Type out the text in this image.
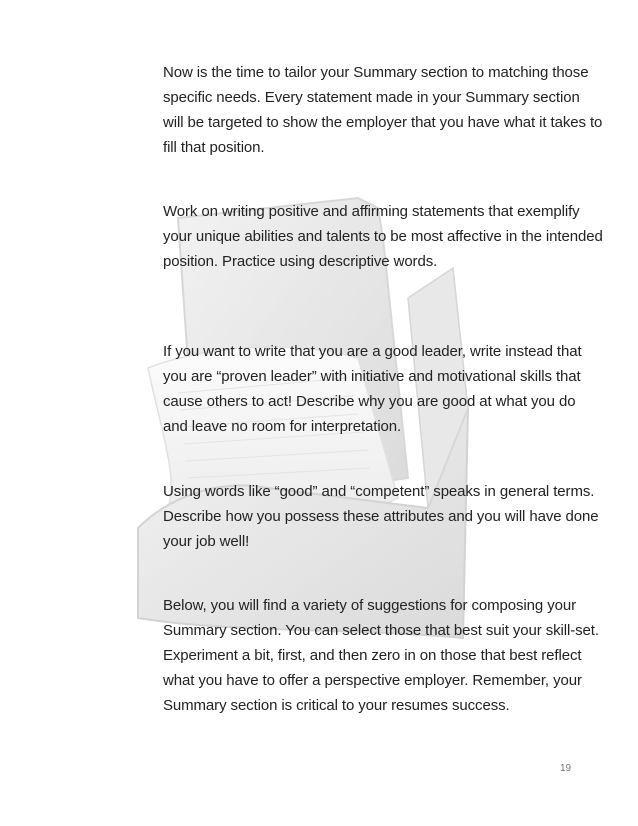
Now is the time to tailor your Summary section to matching those specific needs. Every statement made in your Summary section will be targeted to show the employer that you have what it takes to fill that position.

Work on writing positive and affirming statements that exemplify your unique abilities and talents to be most affective in the intended position. Practice using descriptive words.

If you want to write that you are a good leader, write instead that you are “proven leader” with initiative and motivational skills that cause others to act! Describe why you are good at what you do and leave no room for interpretation.

Using words like “good” and “competent” speaks in general terms. Describe how you possess these attributes and you will have done your job well!

Below, you will find a variety of suggestions for composing your Summary section. You can select those that best suit your skill-set. Experiment a bit, first, and then zero in on those that best reflect what you have to offer a perspective employer. Remember, your Summary section is critical to your resumes success.

19
